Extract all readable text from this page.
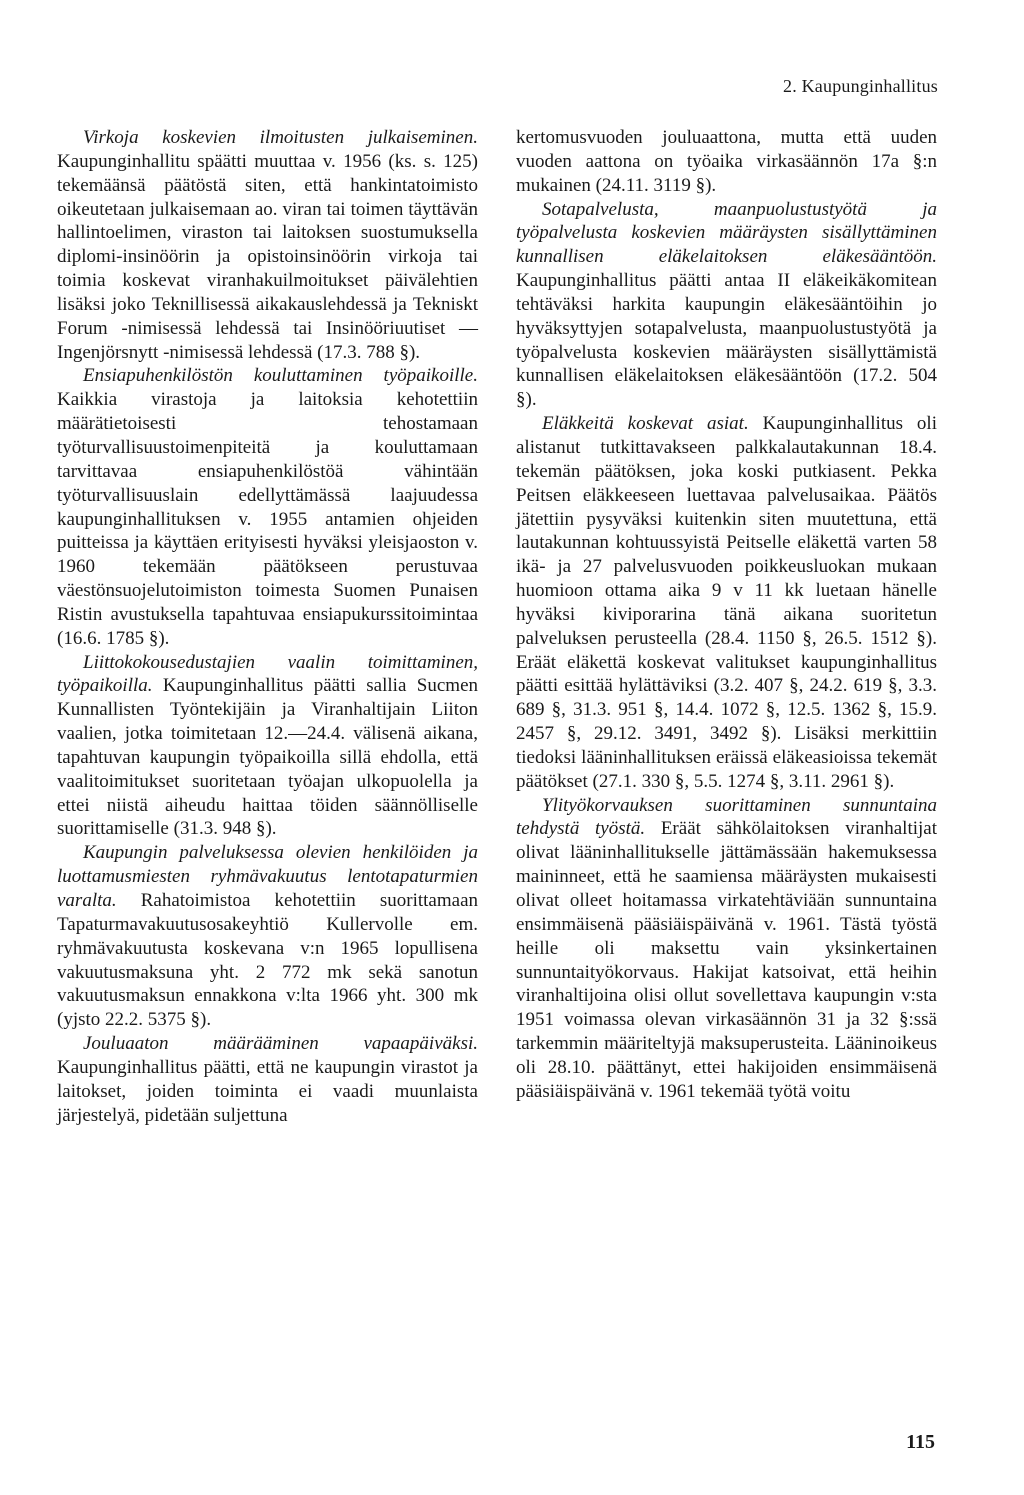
2. Kaupunginhallitus

Virkoja koskevien ilmoitusten julkaiseminen. Kaupunginhallitu späätti muuttaa v. 1956 (ks. s. 125) tekemäänsä päätöstä siten, että hankintatoimisto oikeutetaan julkaisemaan ao. viran tai toimen täyttävän hallintoelimen, viraston tai laitoksen suostumuksella diplomi-insinöörin ja opistoinsinöörin virkoja tai toimia koskevat viranhakuilmoitukset päivälehtien lisäksi joko Teknillisessä aikakauslehdessä ja Tekniskt Forum -nimisessä lehdessä tai Insinööriuutiset — Ingenjörsnytt -nimisessä lehdessä (17.3. 788 §).

Ensiapuhenkilöstön kouluttaminen työpaikoille. Kaikkia virastoja ja laitoksia kehotettiin määrätietoisesti tehostamaan työturvallisuustoimenpiteitä ja kouluttamaan tarvittavaa ensiapuhenkilöstöä vähintään työturvallisuuslain edellyttämässä laajuudessa kaupunginhallituksen v. 1955 antamien ohjeiden puitteissa ja käyttäen erityisesti hyväksi yleisjaoston v. 1960 tekemään päätökseen perustuvaa väestönsuojelutoimiston toimesta Suomen Punaisen Ristin avustuksella tapahtuvaa ensiapukurssitoimintaa (16.6. 1785 §).

Liittokokousedustajien vaalin toimittaminen, työpaikoilla. Kaupunginhallitus päätti sallia Sucmen Kunnallisten Työntekijäin ja Viranhaltijain Liiton vaalien, jotka toimitetaan 12.—24.4. välisenä aikana, tapahtuvan kaupungin työpaikoilla sillä ehdolla, että vaalitoimitukset suoritetaan työajan ulkopuolella ja ettei niistä aiheudu haittaa töiden säännölliselle suorittamiselle (31.3. 948 §).

Kaupungin palveluksessa olevien henkilöiden ja luottamusmiesten ryhmävakuutus lentotapaturmien varalta. Rahatoimistoa kehotettiin suorittamaan Tapaturmavakuutusosakeyhtiö Kullervolle em. ryhmävakuutusta koskevana v:n 1965 lopullisena vakuutusmaksuna yht. 2 772 mk sekä sanotun vakuutusmaksun ennakkona v:lta 1966 yht. 300 mk (yjsto 22.2. 5375 §).

Jouluaaton määrääminen vapaapäiväksi. Kaupunginhallitus päätti, että ne kaupungin virastot ja laitokset, joiden toiminta ei vaadi muunlaista järjestelyä, pidetään suljettuna

kertomusvuoden jouluaattona, mutta että uuden vuoden aattona on työaika virkasäännön 17a §:n mukainen (24.11. 3119 §).

Sotapalvelusta, maanpuolustustyötä ja työpalvelusta koskevien määräysten sisällyttäminen kunnallisen eläkelaitoksen eläkesääntöön. Kaupunginhallitus päätti antaa II eläkeikäkomitean tehtäväksi harkita kaupungin eläkesääntöihin jo hyväksyttyjen sotapalvelusta, maanpuolustustyötä ja työpalvelusta koskevien määräysten sisällyttämistä kunnallisen eläkelaitoksen eläkesääntöön (17.2. 504 §).

Eläkkeitä koskevat asiat. Kaupunginhallitus oli alistanut tutkittavakseen palkkalautakunnan 18.4. tekemän päätöksen, joka koski putkiasent. Pekka Peitsen eläkkeeseen luettavaa palvelusaikaa. Päätös jätettiin pysyväksi kuitenkin siten muutettuna, että lautakunnan kohtuussyistä Peitselle eläkettä varten 58 ikä- ja 27 palvelusvuoden poikkeusluokan mukaan huomioon ottama aika 9 v 11 kk luetaan hänelle hyväksi kiviporarina tänä aikana suoritetun palveluksen perusteella (28.4. 1150 §, 26.5. 1512 §). Eräät eläkettä koskevat valitukset kaupunginhallitus päätti esittää hylättäviksi (3.2. 407 §, 24.2. 619 §, 3.3. 689 §, 31.3. 951 §, 14.4. 1072 §, 12.5. 1362 §, 15.9. 2457 §, 29.12. 3491, 3492 §). Lisäksi merkittiin tiedoksi lääninhallituksen eräissä eläkeasioissa tekemät päätökset (27.1. 330 §, 5.5. 1274 §, 3.11. 2961 §).

Ylityökorvauksen suorittaminen sunnuntaina tehdystä työstä. Eräät sähkölaitoksen viranhaltijat olivat lääninhallitukselle jättämässään hakemuksessa maininneet, että he saamiensa määräysten mukaisesti olivat olleet hoitamassa virkatehtäviään sunnuntaina ensimmäisenä pääsiäispäivänä v. 1961. Tästä työstä heille oli maksettu vain yksinkertainen sunnuntaityökorvaus. Hakijat katsoivat, että heihin viranhaltijoina olisi ollut sovellettava kaupungin v:sta 1951 voimassa olevan virkasäännön 31 ja 32 §:ssä tarkemmin määriteltyjä maksuperusteita. Lääninoikeus oli 28.10. päättänyt, ettei hakijoiden ensimmäisenä pääsiäispäivänä v. 1961 tekemää työtä voitu

115
